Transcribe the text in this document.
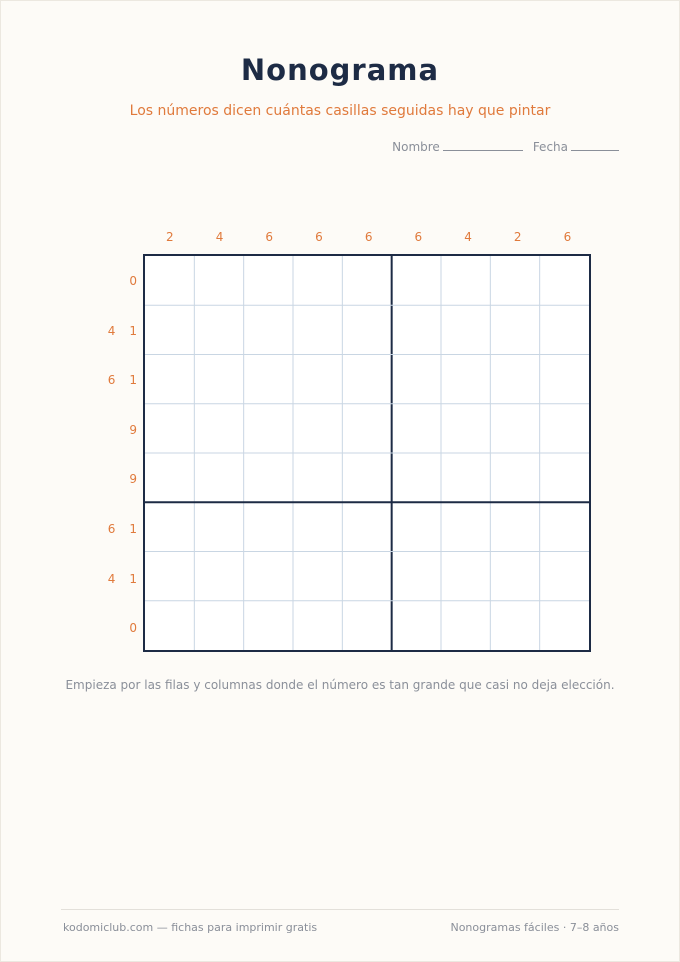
Nonograma
Los números dicen cuántas casillas seguidas hay que pintar
Nombre	Fecha
2	4	6	6	6	6	4	2	6
0
4 1
6 1
9
9
6 1
4 1
0
Empieza por las filas y columnas donde el número es tan grande que casi no deja elección.
kodomiclub.com — fichas para imprimir gratis	Nonogramas fáciles · 7–8 años
